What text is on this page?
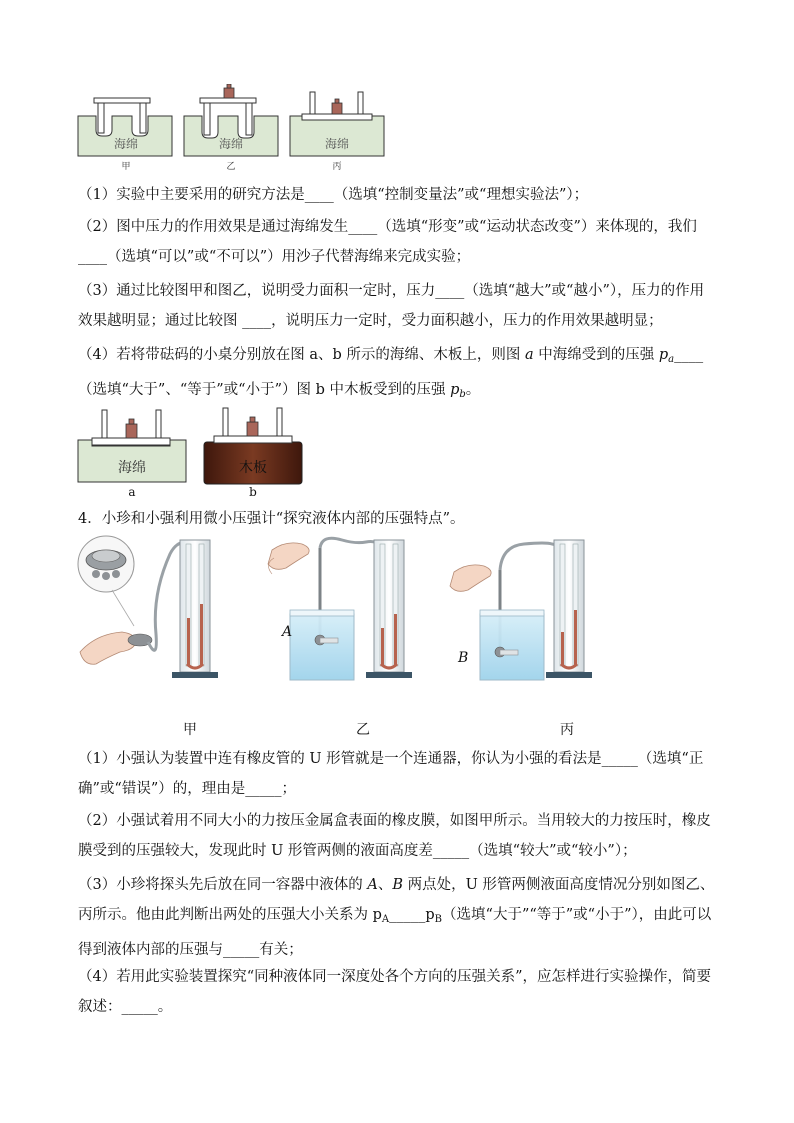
海绵	海绵	海绵
甲	乙	丙

（1）实验中主要采用的研究方法是____（选填“控制变量法”或“理想实验法”）；

（2）图中压力的作用效果是通过海绵发生____（选填“形变”或“运动状态改变”）来体现的，我们____（选填“可以”或“不可以”）用沙子代替海绵来完成实验；

（3）通过比较图甲和图乙，说明受力面积一定时，压力____（选填“越大”或“越小”），压力的作用效果越明显；通过比较图 ____，说明压力一定时，受力面积越小，压力的作用效果越明显；

（4）若将带砝码的小桌分别放在图 a、b 所示的海绵、木板上，则图 a 中海绵受到的压强 $p_a\_\_\_\_$（选填“大于”、“等于”或“小于”）图 b 中木板受到的压强 $p_b$。

海绵	木板
a	b

4．小珍和小强利用微小压强计“探究液体内部的压强特点”。

A
B
甲	乙	丙

（1）小强认为装置中连有橡皮管的 U 形管就是一个连通器，你认为小强的看法是_____（选填“正确”或“错误”）的，理由是_____；

（2）小强试着用不同大小的力按压金属盒表面的橡皮膜，如图甲所示。当用较大的力按压时，橡皮膜受到的压强较大，发现此时 U 形管两侧的液面高度差_____（选填“较大”或“较小”）；

（3）小珍将探头先后放在同一容器中液体的 A、B 两点处，U 形管两侧液面高度情况分别如图乙、丙所示。他由此判断出两处的压强大小关系为 $p_A\_\_\_\_\_p_B$（选填“大于”“等于”或“小于”），由此可以得到液体内部的压强与_____有关；

（4）若用此实验装置探究“同种液体同一深度处各个方向的压强关系”，应怎样进行实验操作，简要叙述：_____。
